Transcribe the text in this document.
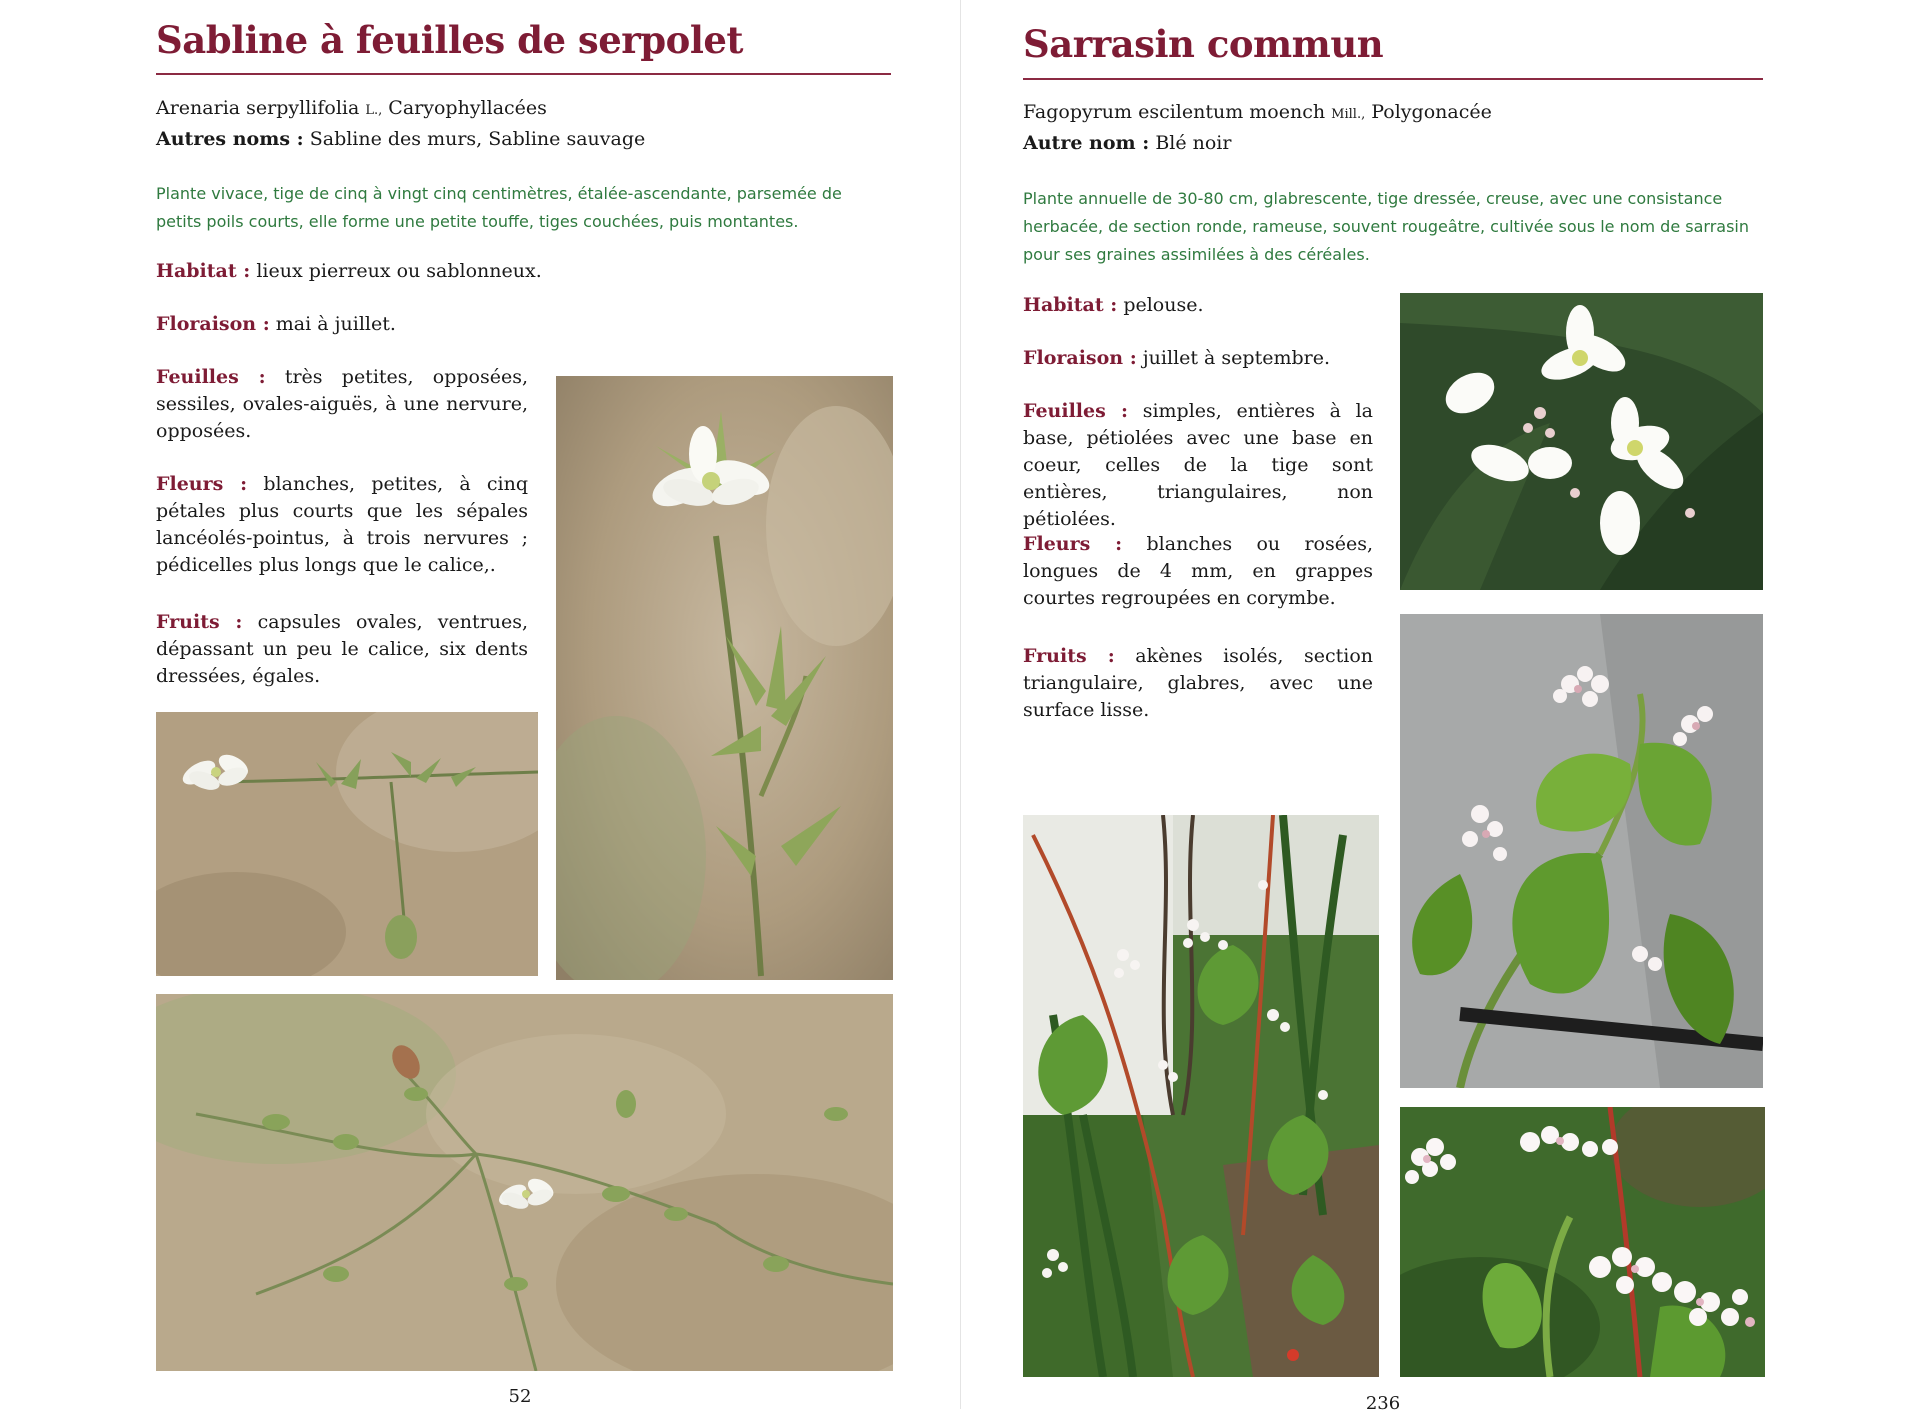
Sabline à feuilles de serpolet
Arenaria serpyllifolia L., Caryophyllacées
Autres noms : Sabline des murs, Sabline sauvage

Plante vivace, tige de cinq à vingt cinq centimètres, étalée-ascendante, parsemée de petits poils courts, elle forme une petite touffe, tiges couchées, puis montantes.

Habitat : lieux pierreux ou sablonneux.

Floraison : mai à juillet.

Feuilles : très petites, opposées, sessiles, ovales-aiguës, à une nervure, opposées.

Fleurs : blanches, petites, à cinq pétales plus courts que les sépales lancéolés-pointus, à trois nervures ; pédicelles plus longs que le calice,.

Fruits : capsules ovales, ventrues, dépassant un peu le calice, six dents dressées, égales.

52
Sarrasin commun
Fagopyrum escilentum moench Mill., Polygonacée
Autre nom : Blé noir

Plante annuelle de 30-80 cm, glabrescente, tige dressée, creuse, avec une consistance herbacée, de section ronde, rameuse, souvent rougeâtre, cultivée sous le nom de sarrasin pour ses graines assimilées à des céréales.

Habitat : pelouse.

Floraison : juillet à septembre.

Feuilles : simples, entières à la base, pétiolées avec une base en coeur, celles de la tige sont entières, triangulaires, non pétiolées.

Fleurs : blanches ou rosées, longues de 4 mm, en grappes courtes regroupées en corymbe.

Fruits : akènes isolés, section triangulaire, glabres, avec une surface lisse.

236
